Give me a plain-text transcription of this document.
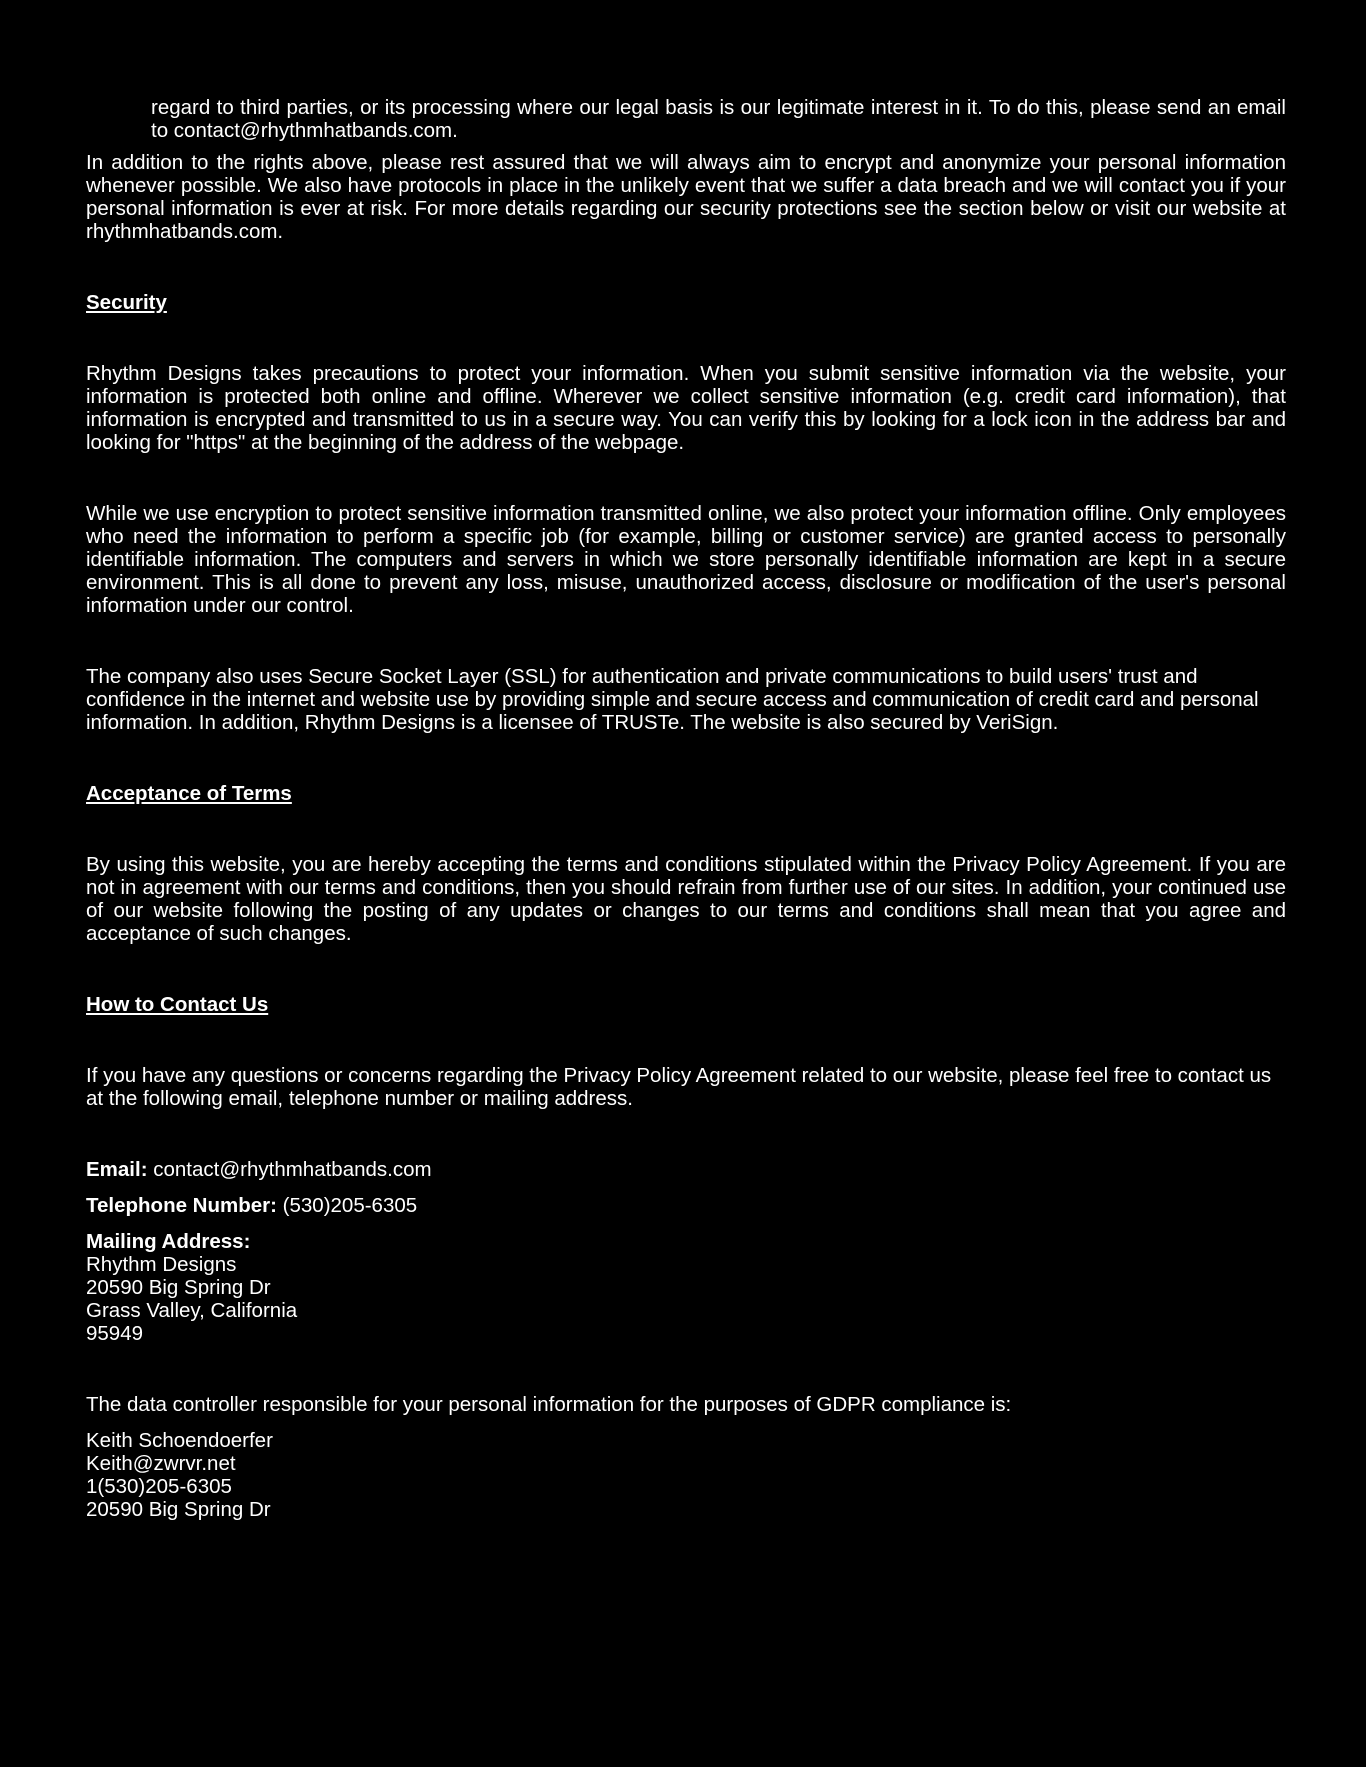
regard to third parties, or its processing where our legal basis is our legitimate interest in it. To do this, please send an email to contact@rhythmhatbands.com.

In addition to the rights above, please rest assured that we will always aim to encrypt and anonymize your personal information whenever possible. We also have protocols in place in the unlikely event that we suffer a data breach and we will contact you if your personal information is ever at risk. For more details regarding our security protections see the section below or visit our website at rhythmhatbands.com.

Security

Rhythm Designs takes precautions to protect your information. When you submit sensitive information via the website, your information is protected both online and offline. Wherever we collect sensitive information (e.g. credit card information), that information is encrypted and transmitted to us in a secure way. You can verify this by looking for a lock icon in the address bar and looking for "https" at the beginning of the address of the webpage.

While we use encryption to protect sensitive information transmitted online, we also protect your information offline. Only employees who need the information to perform a specific job (for example, billing or customer service) are granted access to personally identifiable information. The computers and servers in which we store personally identifiable information are kept in a secure environment. This is all done to prevent any loss, misuse, unauthorized access, disclosure or modification of the user's personal information under our control.

The company also uses Secure Socket Layer (SSL) for authentication and private communications to build users' trust and confidence in the internet and website use by providing simple and secure access and communication of credit card and personal information. In addition, Rhythm Designs is a licensee of TRUSTe. The website is also secured by VeriSign.

Acceptance of Terms

By using this website, you are hereby accepting the terms and conditions stipulated within the Privacy Policy Agreement. If you are not in agreement with our terms and conditions, then you should refrain from further use of our sites. In addition, your continued use of our website following the posting of any updates or changes to our terms and conditions shall mean that you agree and acceptance of such changes.

How to Contact Us

If you have any questions or concerns regarding the Privacy Policy Agreement related to our website, please feel free to contact us at the following email, telephone number or mailing address.

Email: contact@rhythmhatbands.com

Telephone Number: (530)205-6305

Mailing Address:

Rhythm Designs

20590 Big Spring Dr

Grass Valley, California

95949

The data controller responsible for your personal information for the purposes of GDPR compliance is:

Keith Schoendoerfer

Keith@zwrvr.net

1(530)205-6305

20590 Big Spring Dr
